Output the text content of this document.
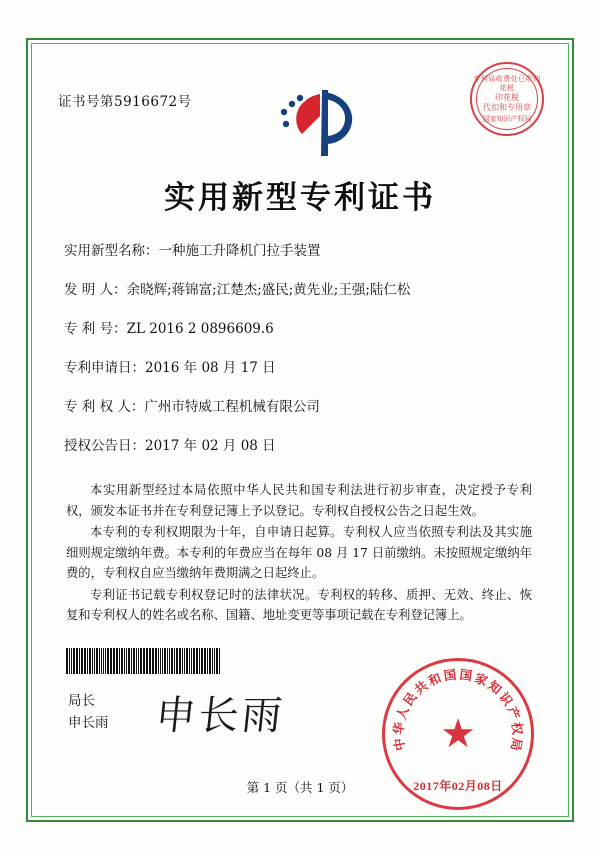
证书号第5916672号
专利局收费处已收印花税
印花税
代扣和专用章
国家知识产权局
实用新型专利证书
实用新型名称：一种施工升降机门拉手装置
发 明 人：余晓辉;蒋锦富;江楚杰;盛民;黄先业;王强;陆仁松
专 利 号：ZL 2016 2 0896609.6
专利申请日：2016 年 08 月 17 日
专 利 权 人：广州市特威工程机械有限公司
授权公告日：2017 年 02 月 08 日

本实用新型经过本局依照中华人民共和国专利法进行初步审查，决定授予专利权，颁发本证书并在专利登记簿上予以登记。专利权自授权公告之日起生效。

本专利的专利权期限为十年，自申请日起算。专利权人应当依照专利法及其实施细则规定缴纳年费。本专利的年费应当在每年 08 月 17 日前缴纳。未按照规定缴纳年费的，专利权自应当缴纳年费期满之日起终止。

专利证书记载专利权登记时的法律状况。专利权的转移、质押、无效、终止、恢复和专利权人的姓名或名称、国籍、地址变更等事项记载在专利登记簿上。

局长
申长雨 申长雨
中
华
人
民
共
和 国 国 家
知
识
产
权
局
★
2017年02月08日
第 1 页（共 1 页）
